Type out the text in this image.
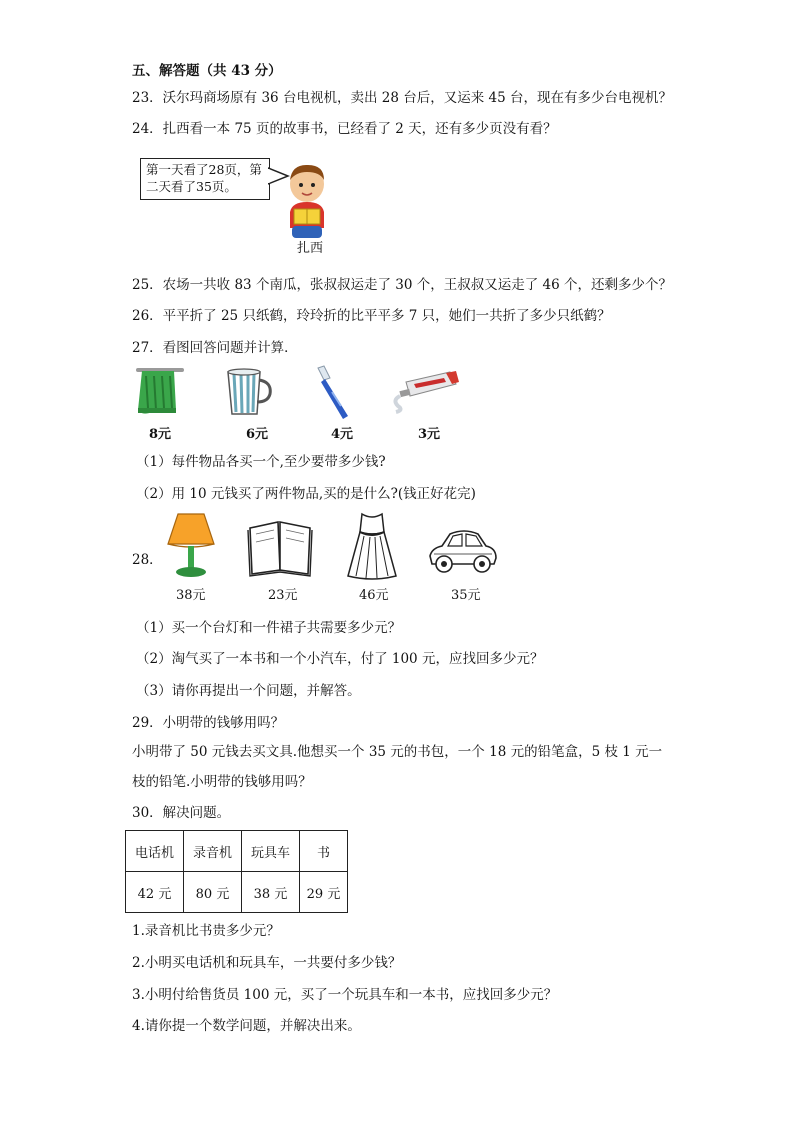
五、解答题（共 43 分）
23．沃尔玛商场原有 36 台电视机，卖出 28 台后，又运来 45 台，现在有多少台电视机？
24．扎西看一本 75 页的故事书，已经看了 2 天，还有多少页没有看？
第一天看了28页，第二天看了35页。
扎西
25．农场一共收 83 个南瓜，张叔叔运走了 30 个，王叔叔又运走了 46 个，还剩多少个？
26．平平折了 25 只纸鹤，玲玲折的比平平多 7 只，她们一共折了多少只纸鹤？
27．看图回答问题并计算．
8元	6元	4元	3元
（1）每件物品各买一个,至少要带多少钱?
（2）用 10 元钱买了两件物品,买的是什么?(钱正好花完)
28．
38元	23元	46元	35元
（1）买一个台灯和一件裙子共需要多少元？
（2）淘气买了一本书和一个小汽车，付了 100 元，应找回多少元？
（3）请你再提出一个问题，并解答。
29．小明带的钱够用吗？
小明带了 50 元钱去买文具.他想买一个 35 元的书包，一个 18 元的铅笔盒，5 枝 1 元一
枝的铅笔.小明带的钱够用吗？
30．解决问题。
电话机	录音机	玩具车	书
42 元	80 元	38 元	29 元
1.录音机比书贵多少元？
2.小明买电话机和玩具车，一共要付多少钱？
3.小明付给售货员 100 元，买了一个玩具车和一本书，应找回多少元？
4.请你提一个数学问题，并解决出来。
